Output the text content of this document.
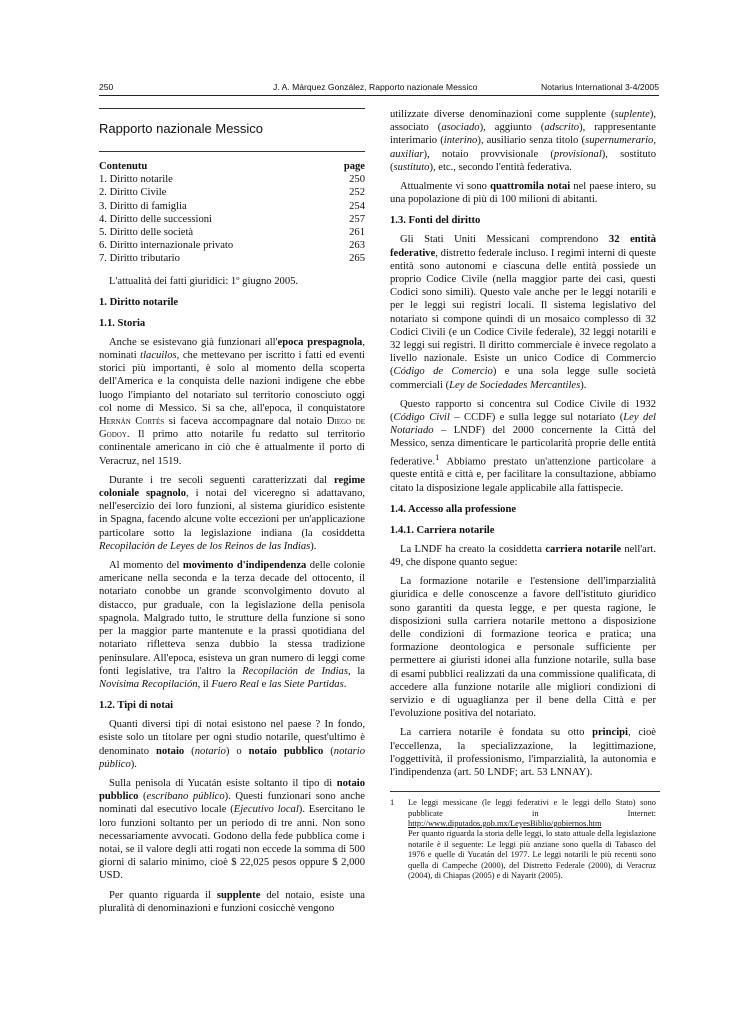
250	J. A. Márquez González, Rapporto nazionale Messico	Notarius International 3-4/2005
Rapporto nazionale Messico
Contenutu	page
1. Diritto notarile	250
2. Diritto Civile	252
3. Diritto di famiglia	254
4. Diritto delle successioni	257
5. Diritto delle società	261
6. Diritto internazionale privato	263
7. Diritto tributario	265

L'attualità dei fatti giuridici: 1º giugno 2005.

1. Diritto notarile
1.1. Storia

Anche se esistevano già funzionari all'epoca prespagnola, nominati tlacuilos, che mettevano per iscritto i fatti ed eventi storici più importanti, è solo al momento della scoperta dell'America e la conquista delle nazioni indigene che ebbe luogo l'impianto del notariato sul territorio conosciuto oggi col nome di Messico. Si sa che, all'epoca, il conquistatore Hernán Cortés si faceva accompagnare dal notaio Diego de Godoy. Il primo atto notarile fu redatto sul territorio continentale americano in ciò che è attualmente il porto di Veracruz, nel 1519.

Durante i tre secoli seguenti caratterizzati dal regime coloniale spagnolo, i notai del viceregno si adattavano, nell'esercizio dei loro funzioni, al sistema giuridico esistente in Spagna, facendo alcune volte eccezioni per un'applicazione particolare sotto la legislazione indiana (la cosiddetta Recopilación de Leyes de los Reinos de las Indias).

Al momento del movimento d'indipendenza delle colonie americane nella seconda e la terza decade del ottocento, il notariato conobbe un grande sconvolgimento dovuto al distacco, pur graduale, con la legislazione della penisola spagnola. Malgrado tutto, le strutture della funzione si sono per la maggior parte mantenute e la prassi quotidiana del notariato rifletteva senza dubbio la stessa tradizione peninsulare. All'epoca, esisteva un gran numero di leggi come fonti legislative, tra l'altro la Recopilación de Indias, la Novísima Recopilación, il Fuero Real e las Siete Partidas.

1.2. Tipi di notai

Quanti diversi tipi di notai esistono nel paese ? In fondo, esiste solo un titolare per ogni studio notarile, quest'ultimo è denominato notaio (notario) o notaio pubblico (notario público).

Sulla penisola di Yucatán esiste soltanto il tipo di notaio pubblico (escribano público). Questi funzionari sono anche nominati dal esecutivo locale (Ejecutivo local). Esercitano le loro funzioni soltanto per un periodo di tre anni. Non sono necessariamente avvocati. Godono della fede pubblica come i notai, se il valore degli atti rogati non eccede la somma di 500 giorni di salario minimo, cioè $ 22,025 pesos oppure $ 2,000 USD.

Per quanto riguarda il supplente del notaio, esiste una pluralità di denominazioni e funzioni cosicchè vengono

utilizzate diverse denominazioni come supplente (suplente), associato (asociado), aggiunto (adscrito), rappresentante interimario (interino), ausiliario senza titolo (supernumerario, auxiliar), notaio provvisionale (provisional), sostituto (sustituto), etc., secondo l'entità federativa.

Attualmente vi sono quattromila notai nel paese intero, su una popolazione di più di 100 milioni di abitanti.

1.3. Fonti del diritto

Gli Stati Uniti Messicani comprendono 32 entità federative, distretto federale incluso. I regimi interni di queste entità sono autonomi e ciascuna delle entità possiede un proprio Codice Civile (nella maggior parte dei casi, questi Codici sono simili). Questo vale anche per le leggi notarili e per le leggi sui registri locali. Il sistema legislativo del notariato si compone quindi di un mosaico complesso di 32 Codici Civili (e un Codice Civile federale), 32 leggi notarili e 32 leggi sui registri. Il diritto commerciale è invece regolato a livello nazionale. Esiste un unico Codice di Commercio (Código de Comercio) e una sola legge sulle società commerciali (Ley de Sociedades Mercantiles).

Questo rapporto si concentra sul Codice Civile di 1932 (Código Civil – CCDF) e sulla legge sul notariato (Ley del Notariado – LNDF) del 2000 concernente la Città del Messico, senza dimenticare le particolarità proprie delle entità federative.$^1$ Abbiamo prestato un'attenzione particolare a queste entità e città e, per facilitare la consultazione, abbiamo citato la disposizione legale applicabile alla fattispecie.

1.4. Accesso alla professione
1.4.1. Carriera notarile

La LNDF ha creato la cosiddetta carriera notarile nell'art. 49, che dispone quanto segue:

La formazione notarile e l'estensione dell'imparzialità giuridica e delle conoscenze a favore dell'istituto giuridico sono garantiti da questa legge, e per questa ragione, le disposizioni sulla carriera notarile mettono a disposizione delle condizioni di formazione teorica e pratica; una formazione deontologica e personale sufficiente per permettere ai giuristi idonei alla funzione notarile, sulla base di esami pubblici realizzati da una commissione qualificata, di accedere alla funzione notarile alle migliori condizioni di servizio e di uguaglianza per il bene della Città e per l'evoluzione positiva del notariato.

La carriera notarile è fondata su otto principi, cioè l'eccellenza, la specializzazione, la legittimazione, l'oggettività, il professionismo, l'imparzialità, la autonomia e l'indipendenza (art. 50 LNDF; art. 53 LNNAY).

1	Le leggi messicane (le leggi federativi e le leggi dello Stato) sono pubblicate in Internet: http://www.diputados.gob.mx/LeyesBiblio/gobiernos.htm
Per quanto riguarda la storia delle leggi, lo stato attuale della legislazione notarile è il seguente: Le leggi più anziane sono quella di Tabasco del 1976 e quelle di Yucatán del 1977. Le leggi notarili le più recenti sono quella di Campeche (2000), del Distretto Federale (2000), di Veracruz (2004), di Chiapas (2005) e di Nayarit (2005).
